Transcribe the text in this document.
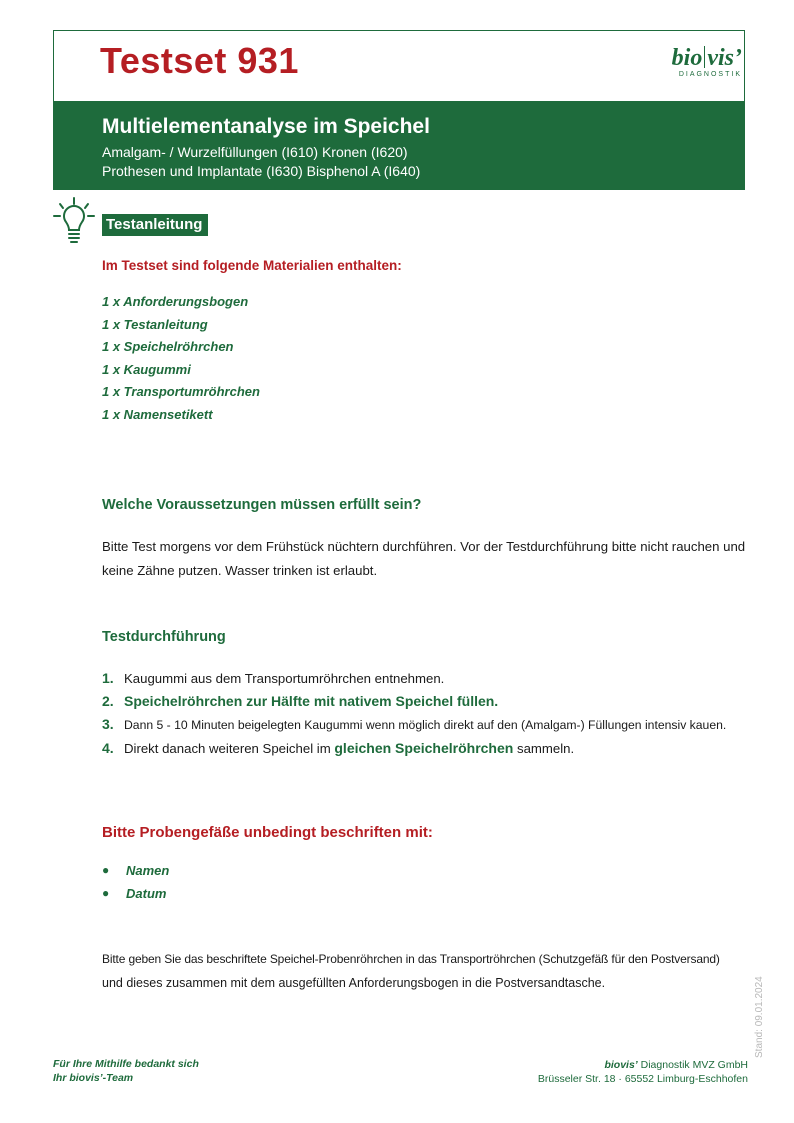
Testset 931	bio vis’
DIAGNOSTIK
Multielementanalyse im Speichel
Amalgam- / Wurzelfüllungen (I610) Kronen (I620)
Prothesen und Implantate (I630) Bisphenol A (I640)
Testanleitung
Im Testset sind folgende Materialien enthalten:
1 x Anforderungsbogen
1 x Testanleitung
1 x Speichelröhrchen
1 x Kaugummi
1 x Transportumröhrchen
1 x Namensetikett
Welche Voraussetzungen müssen erfüllt sein?
Bitte Test morgens vor dem Frühstück nüchtern durchführen. Vor der Testdurchführung bitte nicht rauchen und keine Zähne putzen. Wasser trinken ist erlaubt.
Testdurchführung
1. Kaugummi aus dem Transportumröhrchen entnehmen.
2. Speichelröhrchen zur Hälfte mit nativem Speichel füllen.
3. Dann 5 - 10 Minuten beigelegten Kaugummi wenn möglich direkt auf den (Amalgam-) Füllungen intensiv kauen.
4. Direkt danach weiteren Speichel im gleichen Speichelröhrchen sammeln.
Bitte Probengefäße unbedingt beschriften mit:
●	Namen
●	Datum
Bitte geben Sie das beschriftete Speichel-Probenröhrchen in das Transportröhrchen (Schutzgefäß für den Postversand)
und dieses zusammen mit dem ausgefüllten Anforderungsbogen in die Postversandtasche.	Stand: 09.01.2024
Für Ihre Mithilfe bedankt sich
Ihr biovis’-Team
biovis’ Diagnostik MVZ GmbH
Brüsseler Str. 18 · 65552 Limburg-Eschhofen
